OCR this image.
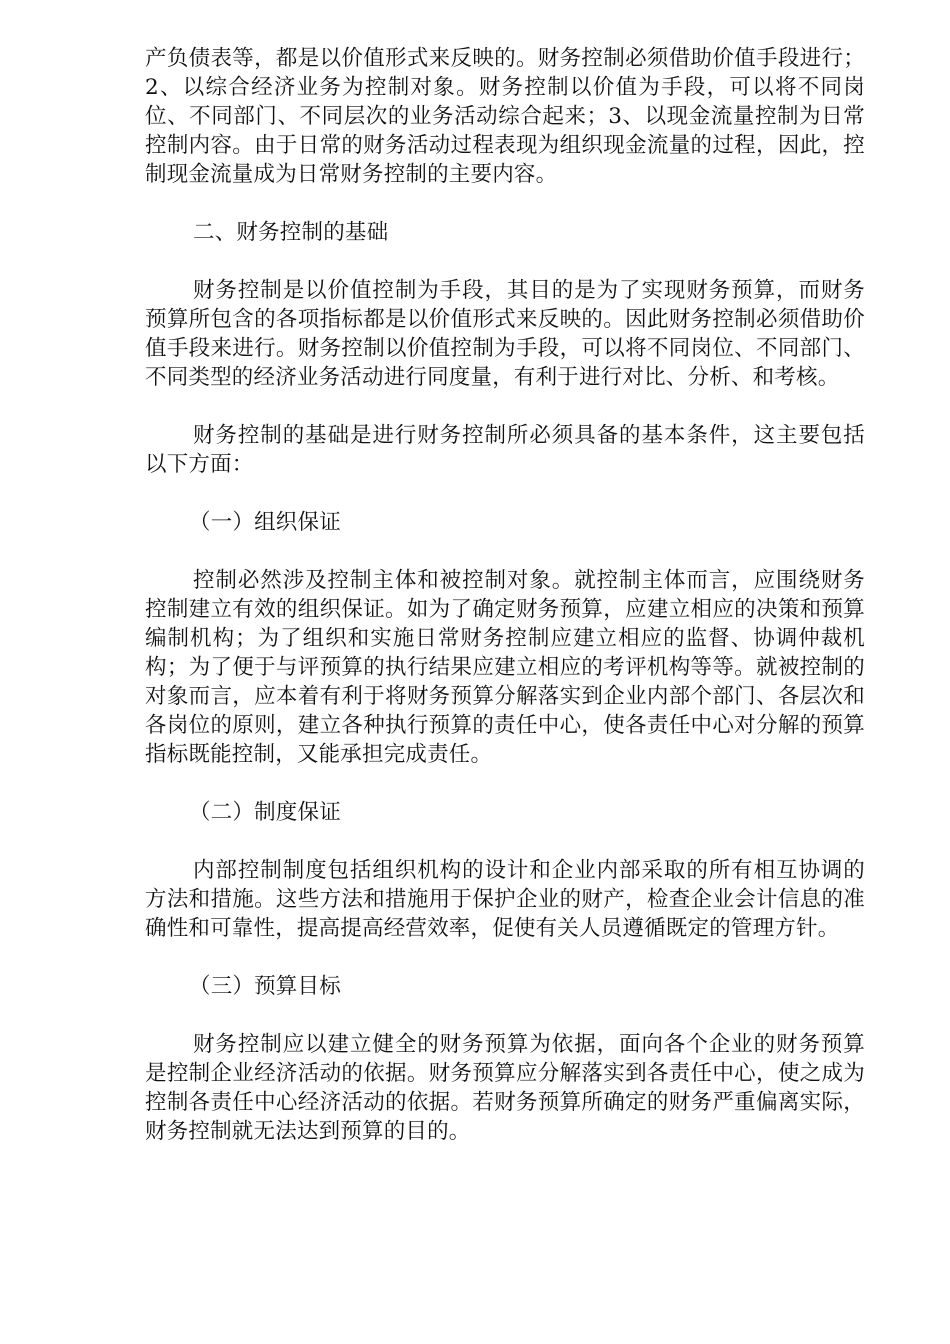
产负债表等，都是以价值形式来反映的。财务控制必须借助价值手段进行；2、以综合经济业务为控制对象。财务控制以价值为手段，可以将不同岗位、不同部门、不同层次的业务活动综合起来；3、以现金流量控制为日常控制内容。由于日常的财务活动过程表现为组织现金流量的过程，因此，控制现金流量成为日常财务控制的主要内容。

二、财务控制的基础

财务控制是以价值控制为手段，其目的是为了实现财务预算，而财务预算所包含的各项指标都是以价值形式来反映的。因此财务控制必须借助价值手段来进行。财务控制以价值控制为手段，可以将不同岗位、不同部门、不同类型的经济业务活动进行同度量，有利于进行对比、分析、和考核。

财务控制的基础是进行财务控制所必须具备的基本条件，这主要包括以下方面：

（一）组织保证

控制必然涉及控制主体和被控制对象。就控制主体而言，应围绕财务控制建立有效的组织保证。如为了确定财务预算，应建立相应的决策和预算编制机构；为了组织和实施日常财务控制应建立相应的监督、协调仲裁机构；为了便于与评预算的执行结果应建立相应的考评机构等等。就被控制的对象而言，应本着有利于将财务预算分解落实到企业内部个部门、各层次和各岗位的原则，建立各种执行预算的责任中心，使各责任中心对分解的预算指标既能控制，又能承担完成责任。

（二）制度保证

内部控制制度包括组织机构的设计和企业内部采取的所有相互协调的方法和措施。这些方法和措施用于保护企业的财产，检查企业会计信息的准确性和可靠性，提高提高经营效率，促使有关人员遵循既定的管理方针。

（三）预算目标

财务控制应以建立健全的财务预算为依据，面向各个企业的财务预算是控制企业经济活动的依据。财务预算应分解落实到各责任中心，使之成为控制各责任中心经济活动的依据。若财务预算所确定的财务严重偏离实际，财务控制就无法达到预算的目的。
